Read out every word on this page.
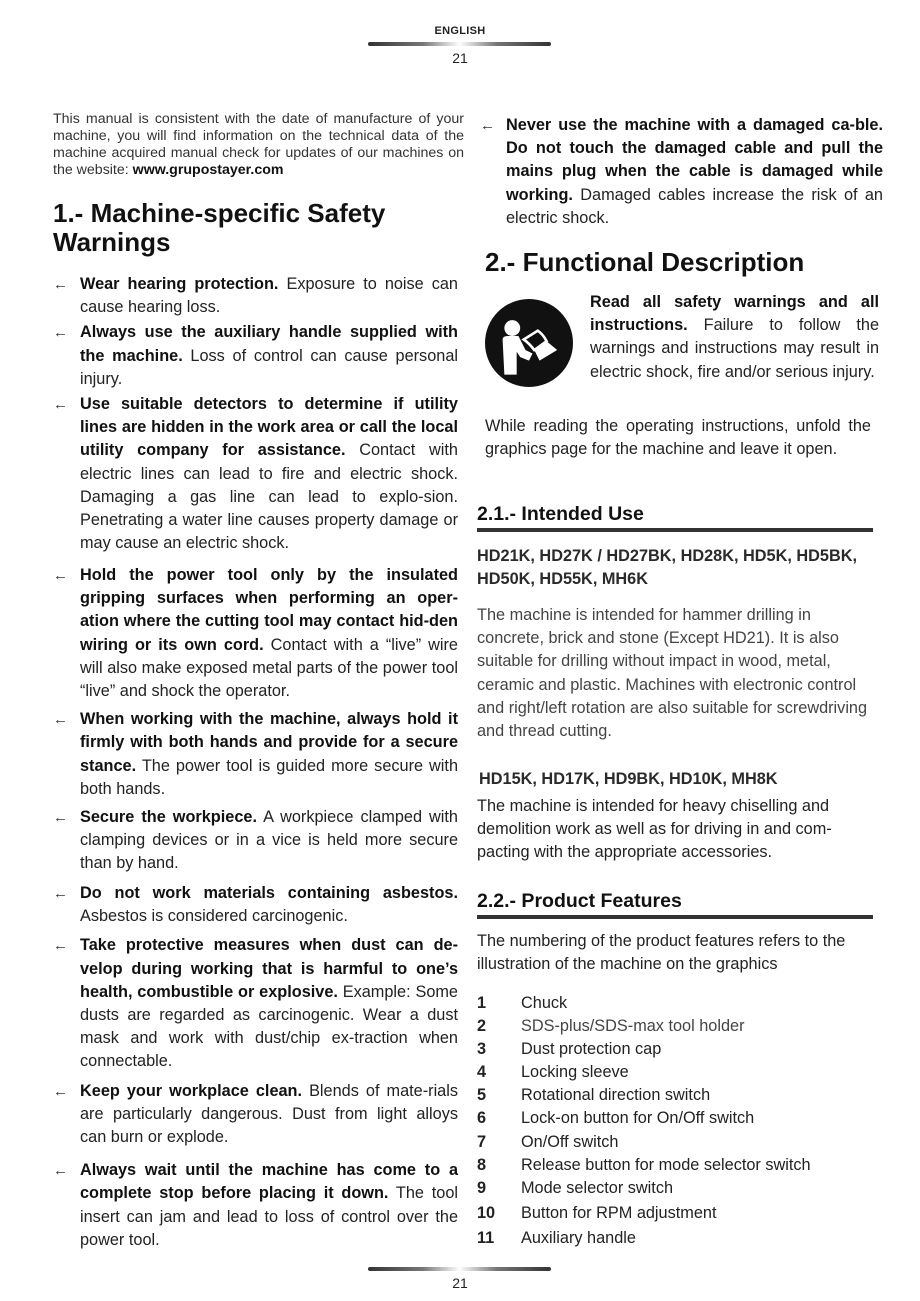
ENGLISH
21
This manual is consistent with the date of manufacture of your machine, you will find information on the technical data of the machine acquired manual check for updates of our machines on the website: www.grupostayer.com
1.- Machine-specific Safety
Warnings
← Wear hearing protection. Exposure to noise can cause hearing loss.
← Always use the auxiliary handle supplied with the machine. Loss of control can cause personal injury.
← Use suitable detectors to determine if utility lines are hidden in the work area or call the local utility company for assistance. Contact with electric lines can lead to fire and electric shock. Damaging a gas line can lead to explo-sion. Penetrating a water line causes property damage or may cause an electric shock.
← Hold the power tool only by the insulated gripping surfaces when performing an oper-ation where the cutting tool may contact hid-den wiring or its own cord. Contact with a “live” wire will also make exposed metal parts of the power tool “live” and shock the operator.
← When working with the machine, always hold it firmly with both hands and provide for a secure stance. The power tool is guided more secure with both hands.
← Secure the workpiece. A workpiece clamped with clamping devices or in a vice is held more secure than by hand.
← Do not work materials containing asbestos. Asbestos is considered carcinogenic.
← Take protective measures when dust can de-velop during working that is harmful to one’s health, combustible or explosive. Example: Some dusts are regarded as carcinogenic. Wear a dust mask and work with dust/chip ex-traction when connectable.
← Keep your workplace clean. Blends of mate-rials are particularly dangerous. Dust from light alloys can burn or explode.
← Always wait until the machine has come to a complete stop before placing it down. The tool insert can jam and lead to loss of control over the power tool.
← Never use the machine with a damaged ca-ble. Do not touch the damaged cable and pull the mains plug when the cable is damaged while working. Damaged cables increase the risk of an electric shock.
2.- Functional Description
Read all safety warnings and all instructions. Failure to follow the warnings and instructions may result in electric shock, fire and/or serious injury.
While reading the operating instructions, unfold the graphics page for the machine and leave it open.
2.1.- Intended Use
HD21K, HD27K / HD27BK, HD28K, HD5K, HD5BK, HD50K, HD55K, MH6K
The machine is intended for hammer drilling in concrete, brick and stone (Except HD21). It is also suitable for drilling without impact in wood, metal, ceramic and plastic. Machines with electronic control and right/left rotation are also suitable for screwdriving and thread cutting.
HD15K, HD17K, HD9BK, HD10K, MH8K
The machine is intended for heavy chiselling and demolition work as well as for driving in and com-pacting with the appropriate accessories.
2.2.- Product Features
The numbering of the product features refers to the illustration of the machine on the graphics
1	Chuck
2	SDS-plus/SDS-max tool holder
3	Dust protection cap
4	Locking sleeve
5	Rotational direction switch
6	Lock-on button for On/Off switch
7	On/Off switch
8	Release button for mode selector switch
9	Mode selector switch
10	Button for RPM adjustment
11	Auxiliary handle
21
